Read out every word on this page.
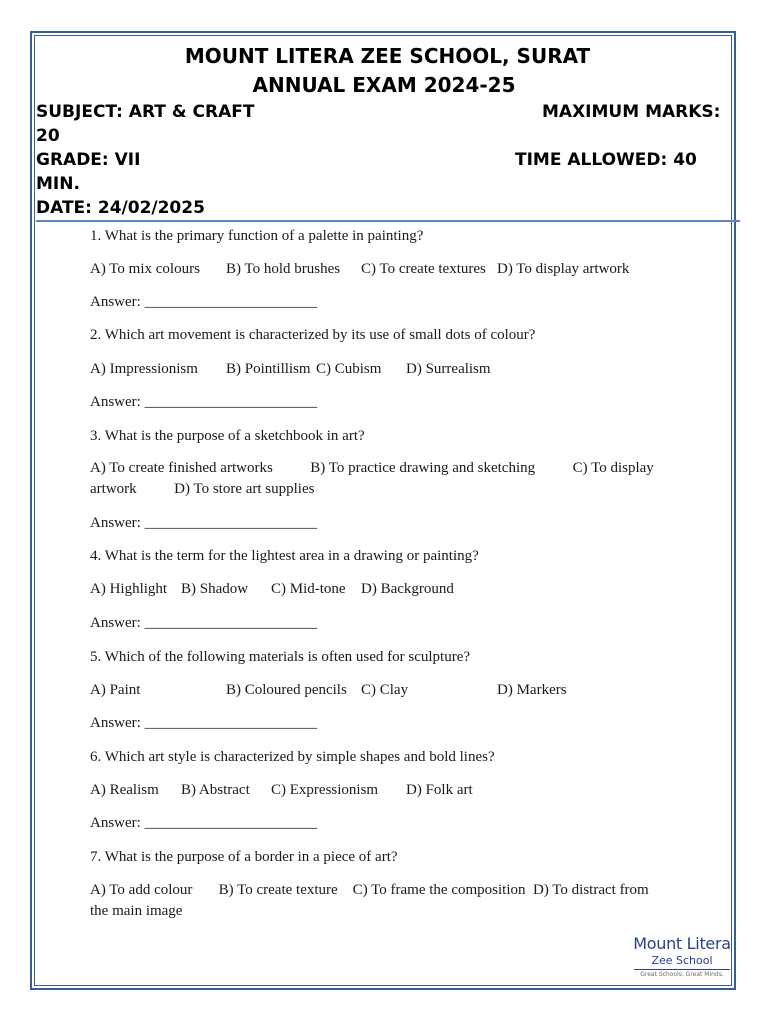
MOUNT LITERA ZEE SCHOOL, SURAT
ANNUAL EXAM 2024-25
SUBJECT: ART & CRAFT	MAXIMUM MARKS:
20
GRADE: VII	TIME ALLOWED: 40
MIN.
DATE: 24/02/2025
1. What is the primary function of a palette in painting?
A) To mix colours B) To hold brushes C) To create textures D) To display artwork
Answer: _______________________
2. Which art movement is characterized by its use of small dots of colour?
A) Impressionism B) Pointillism C) Cubism D) Surrealism
Answer: _______________________
3. What is the purpose of a sketchbook in art?
A) To create finished artworks          B) To practice drawing and sketching          C) To display artwork          D) To store art supplies
Answer: _______________________
4. What is the term for the lightest area in a drawing or painting?
A) Highlight B) Shadow C) Mid-tone D) Background
Answer: _______________________
5. Which of the following materials is often used for sculpture?
A) Paint	B) Coloured pencils C) Clay	D) Markers
Answer: _______________________
6. Which art style is characterized by simple shapes and bold lines?
A) Realism B) Abstract C) Expressionism D) Folk art
Answer: _______________________
7. What is the purpose of a border in a piece of art?
A) To add colour       B) To create texture    C) To frame the composition  D) To distract from the main image
Mount Litera
Zee School
Great Schools. Great Minds.
